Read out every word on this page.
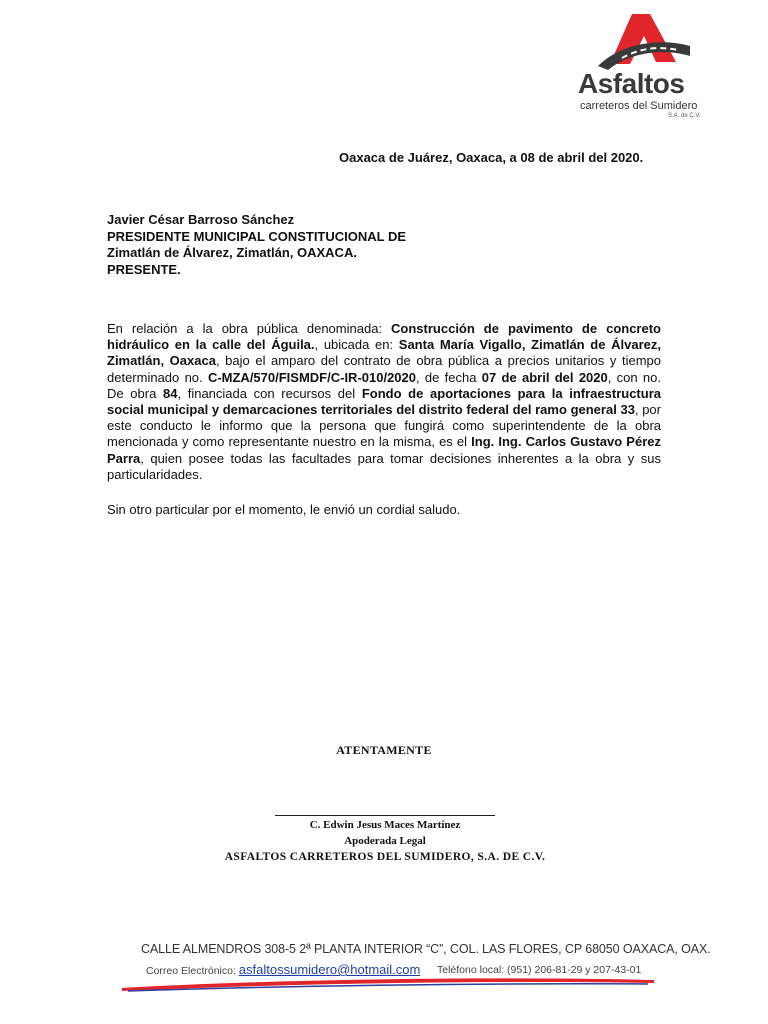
Asfaltos
carreteros del Sumidero
S.A. de C.V.
Oaxaca de Juárez, Oaxaca, a 08 de abril del 2020.
Javier César Barroso Sánchez
PRESIDENTE MUNICIPAL CONSTITUCIONAL DE
Zimatlán de Álvarez, Zimatlán, OAXACA.
PRESENTE.
En relación a la obra pública denominada: Construcción de pavimento de concreto hidráulico en la calle del Águila., ubicada en: Santa María Vigallo, Zimatlán de Álvarez, Zimatlán, Oaxaca, bajo el amparo del contrato de obra pública a precios unitarios y tiempo determinado no. C-MZA/570/FISMDF/C-IR-010/2020, de fecha 07 de abril del 2020, con no. De obra 84, financiada con recursos del Fondo de aportaciones para la infraestructura social municipal y demarcaciones territoriales del distrito federal del ramo general 33, por este conducto le informo que la persona que fungirá como superintendente de la obra mencionada y como representante nuestro en la misma, es el Ing. Ing. Carlos Gustavo Pérez Parra, quien posee todas las facultades para tomar decisiones inherentes a la obra y sus particularidades.
Sin otro particular por el momento, le envió un cordial saludo.
ATENTAMENTE
C. Edwin Jesus Maces Martínez
Apoderada Legal
ASFALTOS CARRETEROS DEL SUMIDERO, S.A. DE C.V.
CALLE ALMENDROS 308-5 2ª PLANTA INTERIOR “C”, COL. LAS FLORES, CP 68050 OAXACA, OAX.
Correo Electrónico: asfaltossumidero@hotmail.com Teléfono local: (951) 206-81-29 y 207-43-01
